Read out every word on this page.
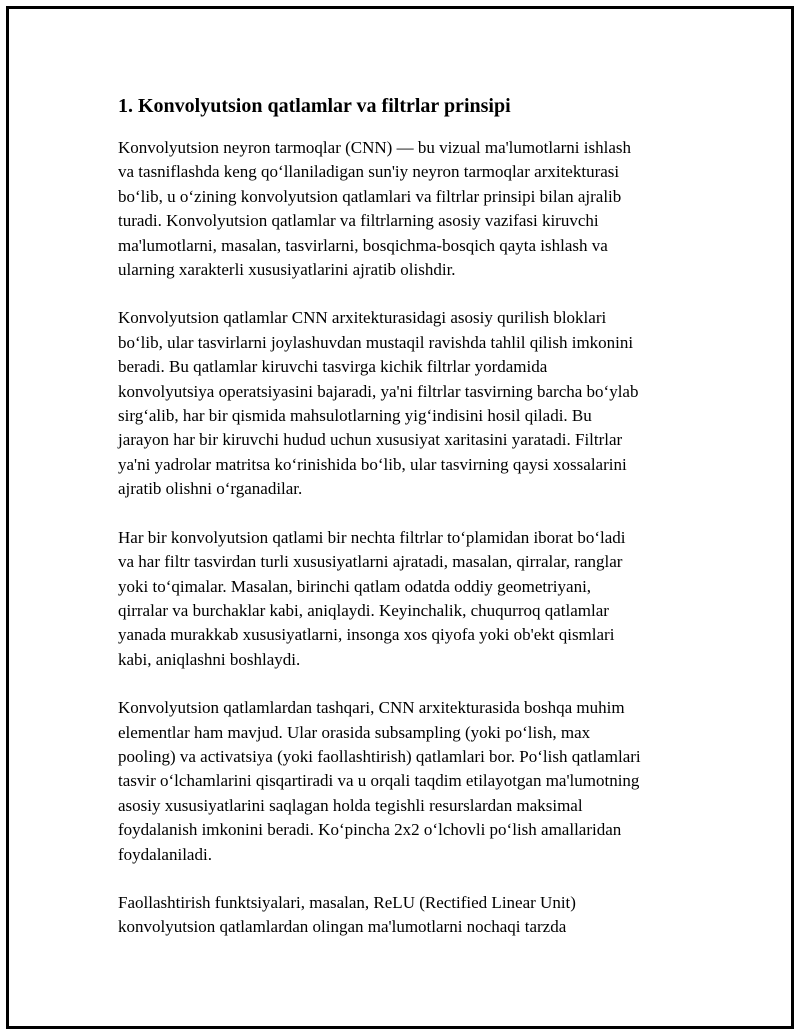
1. Konvolyutsion qatlamlar va filtrlar prinsipi

Konvolyutsion neyron tarmoqlar (CNN) — bu vizual ma'lumotlarni ishlash
va tasniflashda keng qo‘llaniladigan sun'iy neyron tarmoqlar arxitekturasi
bo‘lib, u o‘zining konvolyutsion qatlamlari va filtrlar prinsipi bilan ajralib
turadi. Konvolyutsion qatlamlar va filtrlarning asosiy vazifasi kiruvchi
ma'lumotlarni, masalan, tasvirlarni, bosqichma-bosqich qayta ishlash va
ularning xarakterli xususiyatlarini ajratib olishdir.

Konvolyutsion qatlamlar CNN arxitekturasidagi asosiy qurilish bloklari
bo‘lib, ular tasvirlarni joylashuvdan mustaqil ravishda tahlil qilish imkonini
beradi. Bu qatlamlar kiruvchi tasvirga kichik filtrlar yordamida
konvolyutsiya operatsiyasini bajaradi, ya'ni filtrlar tasvirning barcha bo‘ylab
sirg‘alib, har bir qismida mahsulotlarning yig‘indisini hosil qiladi. Bu
jarayon har bir kiruvchi hudud uchun xususiyat xaritasini yaratadi. Filtrlar
ya'ni yadrolar matritsa ko‘rinishida bo‘lib, ular tasvirning qaysi xossalarini
ajratib olishni o‘rganadilar.

Har bir konvolyutsion qatlami bir nechta filtrlar to‘plamidan iborat bo‘ladi
va har filtr tasvirdan turli xususiyatlarni ajratadi, masalan, qirralar, ranglar
yoki to‘qimalar. Masalan, birinchi qatlam odatda oddiy geometriyani,
qirralar va burchaklar kabi, aniqlaydi. Keyinchalik, chuqurroq qatlamlar
yanada murakkab xususiyatlarni, insonga xos qiyofa yoki ob'ekt qismlari
kabi, aniqlashni boshlaydi.

Konvolyutsion qatlamlardan tashqari, CNN arxitekturasida boshqa muhim
elementlar ham mavjud. Ular orasida subsampling (yoki po‘lish, max
pooling) va activatsiya (yoki faollashtirish) qatlamlari bor. Po‘lish qatlamlari
tasvir o‘lchamlarini qisqartiradi va u orqali taqdim etilayotgan ma'lumotning
asosiy xususiyatlarini saqlagan holda tegishli resurslardan maksimal
foydalanish imkonini beradi. Ko‘pincha 2x2 o‘lchovli po‘lish amallaridan
foydalaniladi.

Faollashtirish funktsiyalari, masalan, ReLU (Rectified Linear Unit)
konvolyutsion qatlamlardan olingan ma'lumotlarni nochaqi tarzda
